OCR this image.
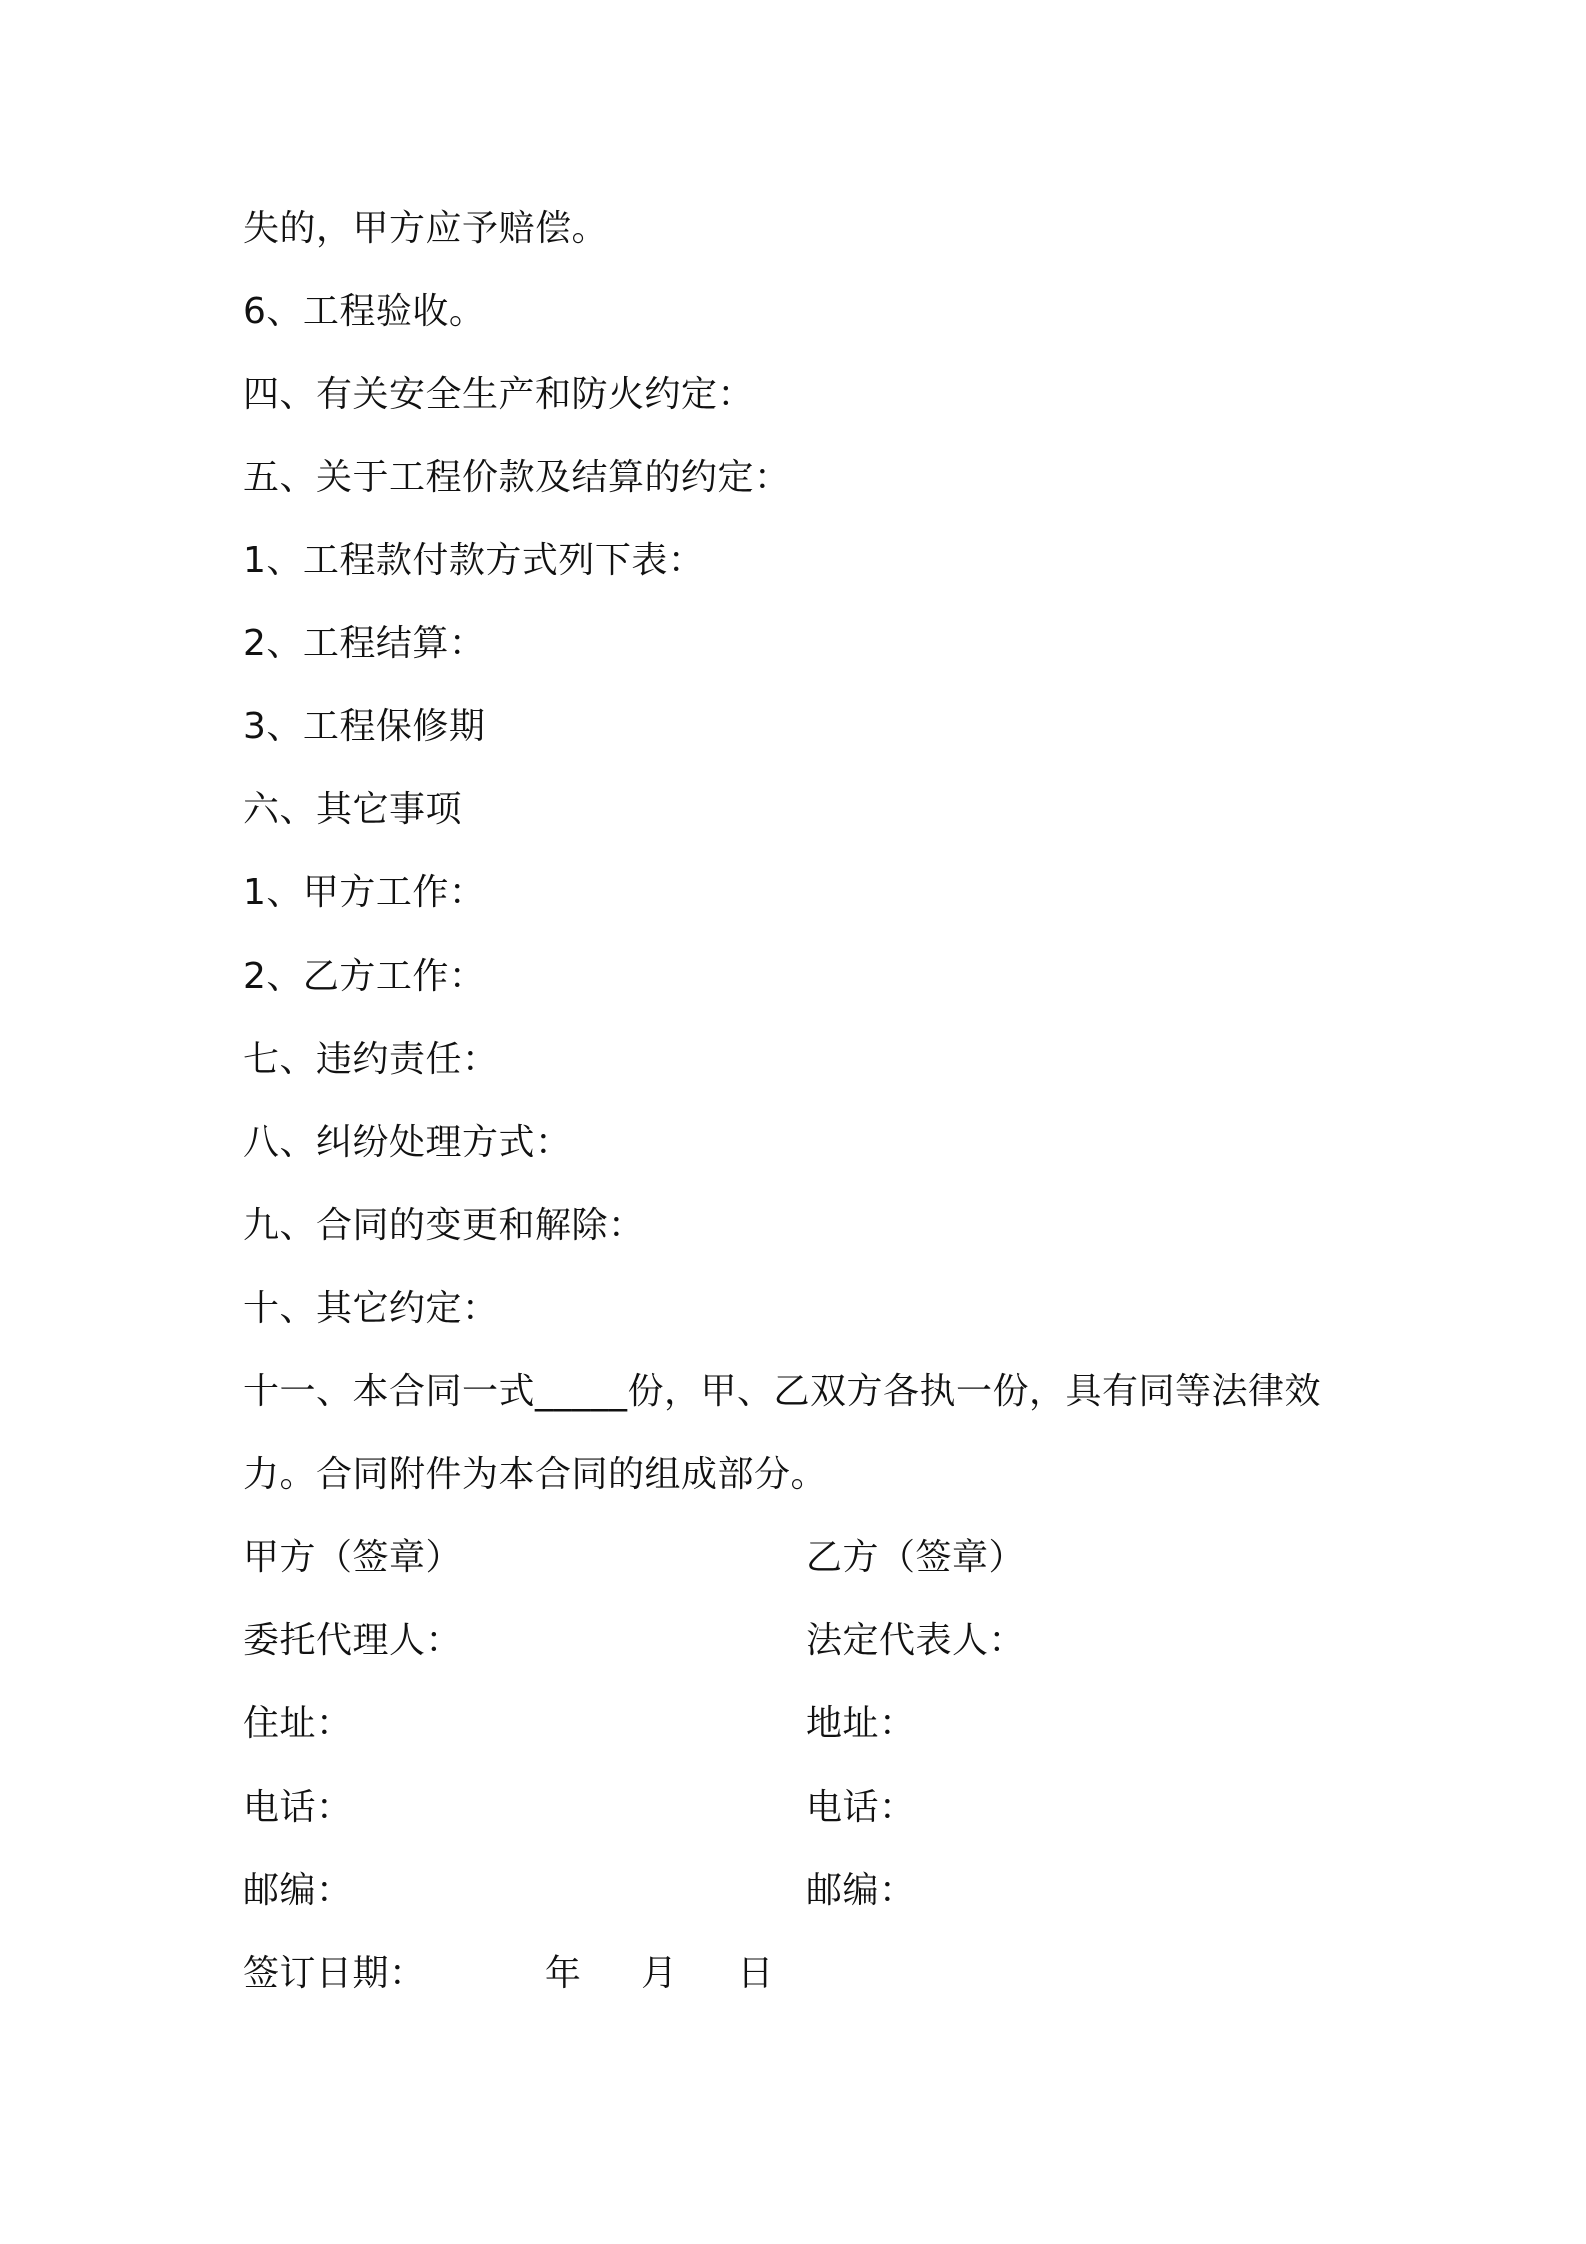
失的，甲方应予赔偿。
6、工程验收。
四、有关安全生产和防火约定：
五、关于工程价款及结算的约定：
1、工程款付款方式列下表：
2、工程结算：
3、工程保修期
六、其它事项
1、甲方工作：
2、乙方工作：
七、违约责任：
八、纠纷处理方式：
九、合同的变更和解除：
十、其它约定：
十一、本合同一式_____份，甲、乙双方各执一份，具有同等法律效
力。合同附件为本合同的组成部分。
甲方（签章）	乙方（签章）
委托代理人：	法定代表人：
住址：	地址：
电话：	电话：
邮编：	邮编：
签订日期：          年     月     日
